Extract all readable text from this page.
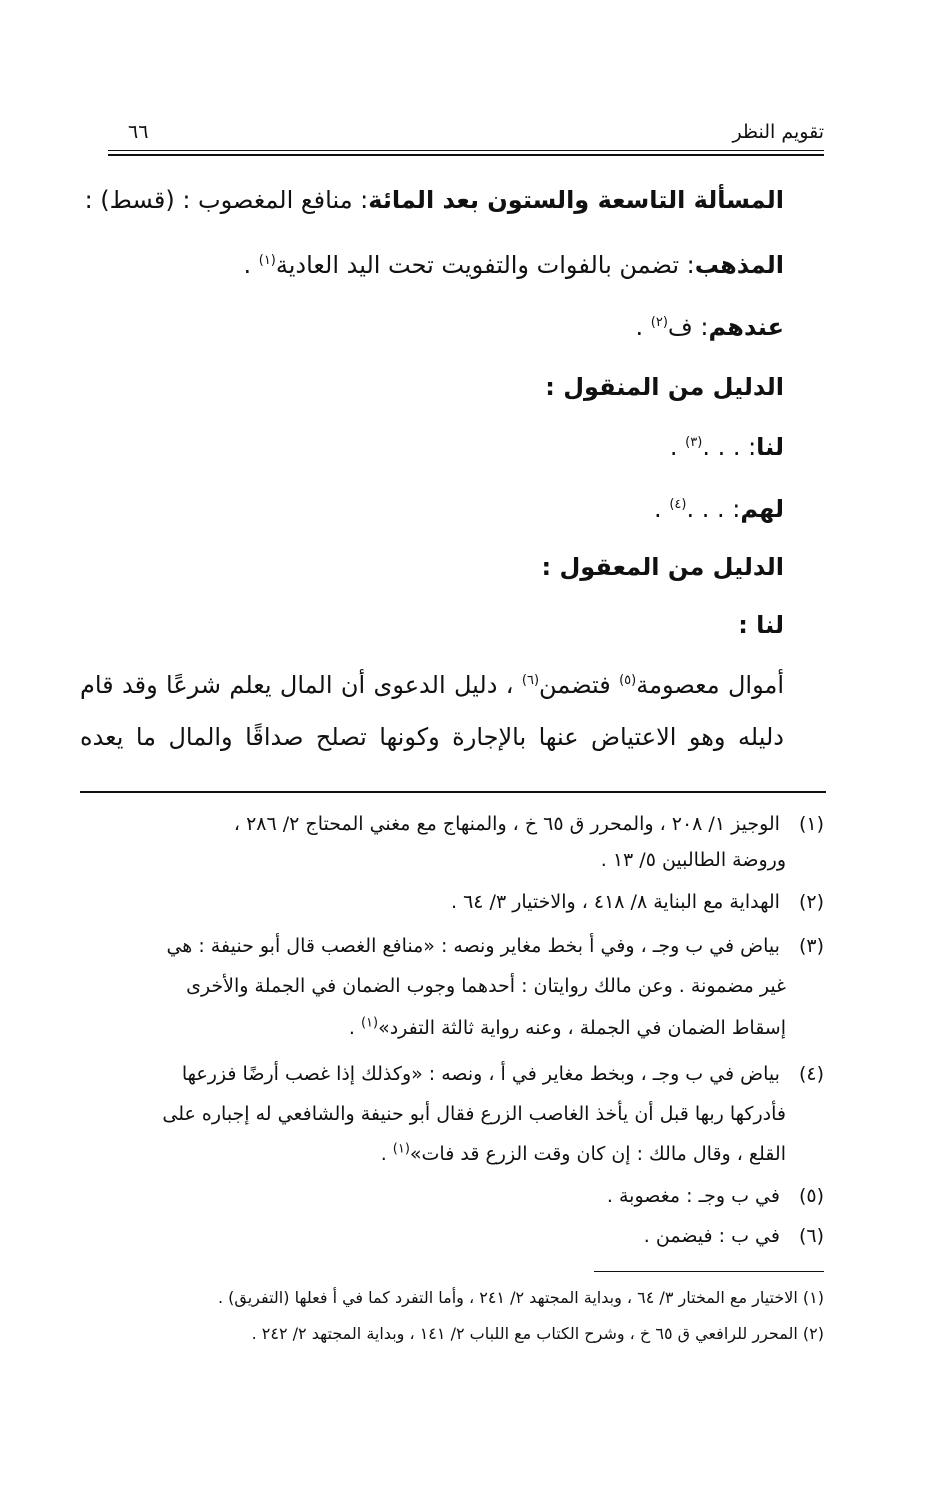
تقويم النظر
٦٦
المسألة التاسعة والستون بعد المائة: منافع المغصوب : (قسط) :
المذهب: تضمن بالفوات والتفويت تحت اليد العادية$^{(١)}$ .
عندهم: ف$^{(٢)}$ .
الدليل من المنقول :
لنا: . . .$^{(٣)}$ .
لهم: . . .$^{(٤)}$ .
الدليل من المعقول :
لنا :
أموال معصومة$^{(٥)}$ فتضمن$^{(٦)}$ ، دليل الدعوى أن المال يعلم شرعًا وقد قام
دليله وهو الاعتياض عنها بالإجارة وكونها تصلح صداقًا والمال ما يعده
(١) الوجيز ١/ ٢٠٨ ، والمحرر ق ٦٥ خ ، والمنهاج مع مغني المحتاج ٢/ ٢٨٦ ،
وروضة الطالبين ٥/ ١٣ .
(٢) الهداية مع البناية ٨/ ٤١٨ ، والاختيار ٣/ ٦٤ .
(٣) بياض في ب وجـ ، وفي أ بخط مغاير ونصه : «منافع الغصب قال أبو حنيفة : هي
غير مضمونة . وعن مالك روايتان : أحدهما وجوب الضمان في الجملة والأخرى
إسقاط الضمان في الجملة ، وعنه رواية ثالثة التفرد»$^{(١)}$ .
(٤) بياض في ب وجـ ، وبخط مغاير في أ ، ونصه : «وكذلك إذا غصب أرضًا فزرعها
فأدركها ربها قبل أن يأخذ الغاصب الزرع فقال أبو حنيفة والشافعي له إجباره على
القلع ، وقال مالك : إن كان وقت الزرع قد فات»$^{(١)}$ .
(٥) في ب وجـ : مغصوبة .
(٦) في ب : فيضمن .
(١) الاختيار مع المختار ٣/ ٦٤ ، وبداية المجتهد ٢/ ٢٤١ ، وأما التفرد كما في أ فعلها (التفريق) .
(٢) المحرر للرافعي ق ٦٥ خ ، وشرح الكتاب مع اللباب ٢/ ١٤١ ، وبداية المجتهد ٢/ ٢٤٢ .
